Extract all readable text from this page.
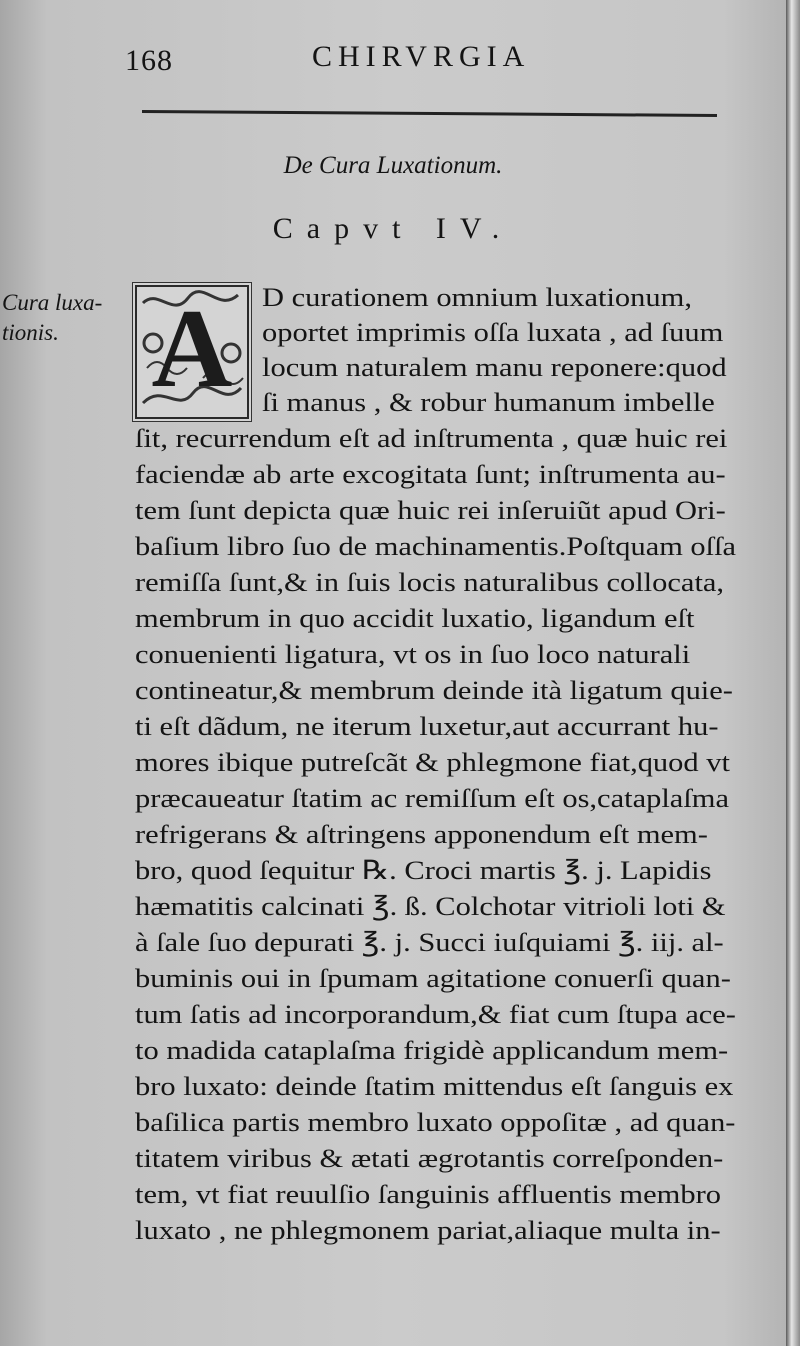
168	CHIRVRGIA
De Cura Luxationum.
Capvt IV.
Cura luxa-
tionis. A	D curationem omnium luxationum,
oportet imprimis oſſa luxata , ad ſuum
locum naturalem manu reponere:quod
ſi manus , & robur humanum imbelle
ſit, recurrendum eſt ad inſtrumenta , quæ huic rei
faciendæ ab arte excogitata ſunt; inſtrumenta au-
tem ſunt depicta quæ huic rei inſeruiũt apud Ori-
baſium libro ſuo de machinamentis.Poſtquam oſſa
remiſſa ſunt,& in ſuis locis naturalibus collocata,
membrum in quo accidit luxatio, ligandum eſt
conuenienti ligatura, vt os in ſuo loco naturali
contineatur,& membrum deinde ità ligatum quie-
ti eſt dãdum, ne iterum luxetur,aut accurrant hu-
mores ibique putreſcãt & phlegmone fiat,quod vt
præcaueatur ſtatim ac remiſſum eſt os,cataplaſma
refrigerans & aſtringens apponendum eſt mem-
bro, quod ſequitur ℞. Croci martis ℥. j. Lapidis
hæmatitis calcinati ℥. ß. Colchotar vitrioli loti &
à ſale ſuo depurati ℥. j. Succi iuſquiami ℥. iij. al-
buminis oui in ſpumam agitatione conuerſi quan-
tum ſatis ad incorporandum,& fiat cum ſtupa ace-
to madida cataplaſma frigidè applicandum mem-
bro luxato: deinde ſtatim mittendus eſt ſanguis ex
baſilica partis membro luxato oppoſitæ , ad quan-
titatem viribus & ætati ægrotantis correſponden-
tem, vt fiat reuulſio ſanguinis affluentis membro
luxato , ne phlegmonem pariat,aliaque multa in-
